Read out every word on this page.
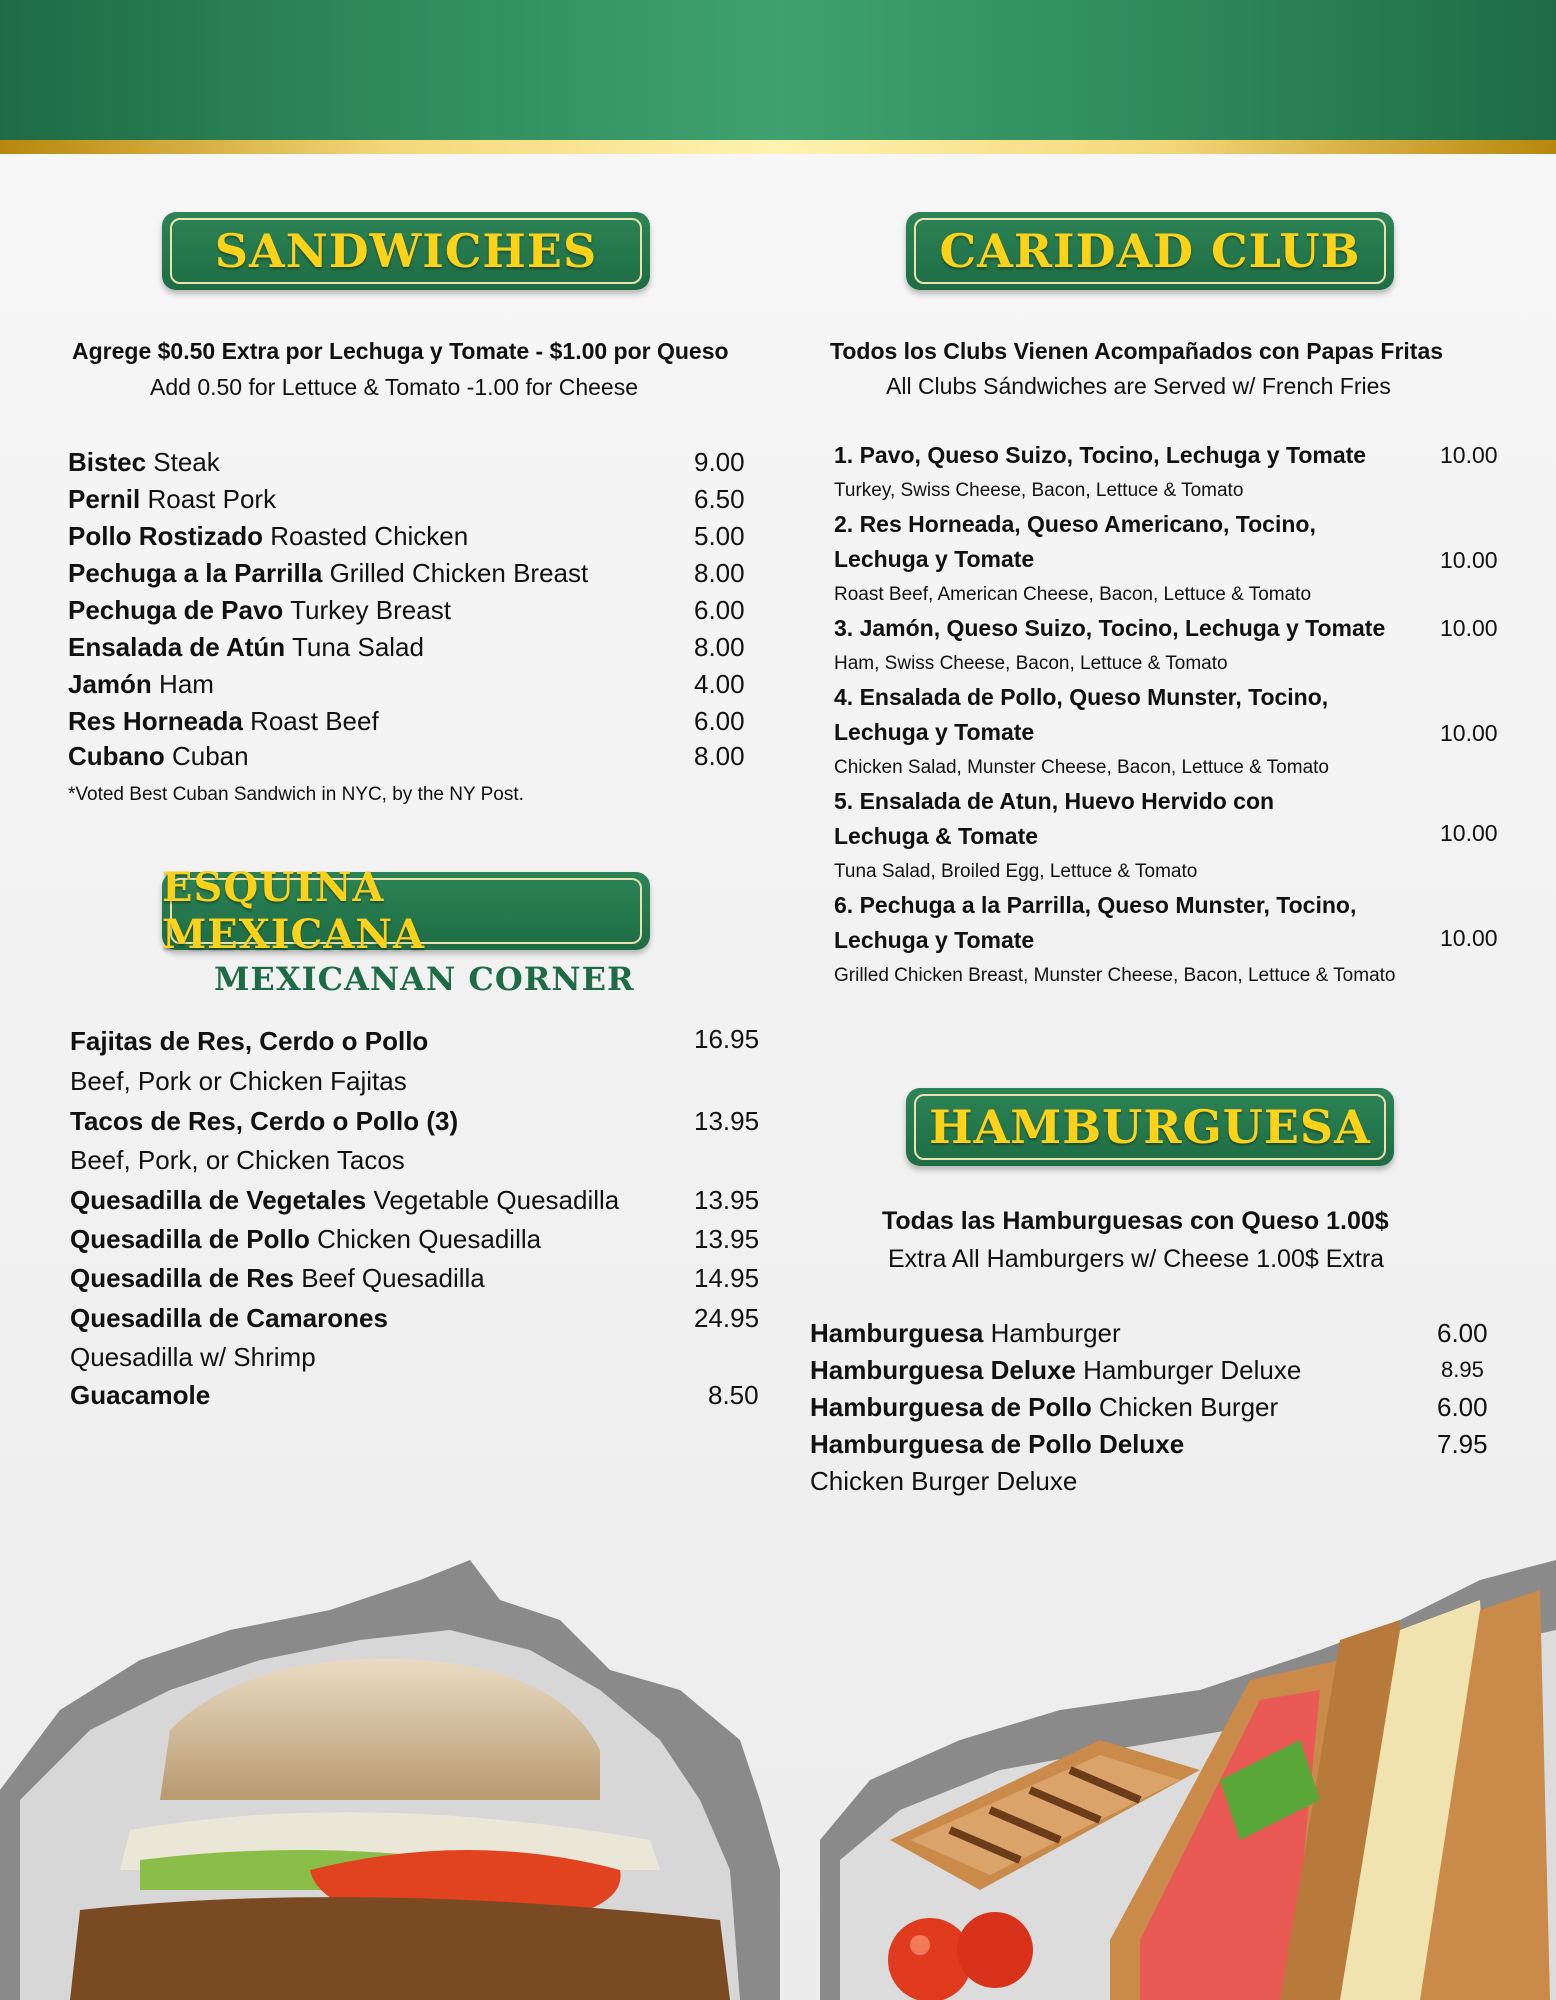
SANDWICHES
Agrege $0.50 Extra por Lechuga y Tomate - $1.00 por Queso
Add 0.50 for Lettuce & Tomato -1.00 for Cheese
Bistec Steak	9.00
Pernil Roast Pork	6.50
Pollo Rostizado Roasted Chicken	5.00
Pechuga a la Parrilla Grilled Chicken Breast	8.00
Pechuga de Pavo Turkey Breast	6.00
Ensalada de Atún Tuna Salad	8.00
Jamón Ham	4.00
Res Horneada Roast Beef	6.00
Cubano Cuban	8.00
*Voted Best Cuban Sandwich in NYC, by the NY Post.
ESQUINA MEXICANA
MEXICANAN CORNER
Fajitas de Res, Cerdo o Pollo	16.95
Beef, Pork or Chicken Fajitas
Tacos de Res, Cerdo o Pollo (3)	13.95
Beef, Pork, or Chicken Tacos
Quesadilla de Vegetales Vegetable Quesadilla	13.95
Quesadilla de Pollo Chicken Quesadilla	13.95
Quesadilla de Res Beef Quesadilla	14.95
Quesadilla de Camarones	24.95
Quesadilla w/ Shrimp
Guacamole	8.50
CARIDAD CLUB
Todos los Clubs Vienen Acompañados con Papas Fritas
All Clubs Sándwiches are Served w/ French Fries
1. Pavo, Queso Suizo, Tocino, Lechuga y Tomate	10.00
Turkey, Swiss Cheese, Bacon, Lettuce & Tomato
2. Res Horneada, Queso Americano, Tocino,
Lechuga y Tomate	10.00
Roast Beef, American Cheese, Bacon, Lettuce & Tomato
3. Jamón, Queso Suizo, Tocino, Lechuga y Tomate 10.00
Ham, Swiss Cheese, Bacon, Lettuce & Tomato
4. Ensalada de Pollo, Queso Munster, Tocino,
Lechuga y Tomate	10.00
Chicken Salad, Munster Cheese, Bacon, Lettuce & Tomato
5. Ensalada de Atun, Huevo Hervido con
Lechuga & Tomate	10.00
Tuna Salad, Broiled Egg, Lettuce & Tomato
6. Pechuga a la Parrilla, Queso Munster, Tocino,
Lechuga y Tomate	10.00
Grilled Chicken Breast, Munster Cheese, Bacon, Lettuce & Tomato
HAMBURGUESA
Todas las Hamburguesas con Queso 1.00$
Extra All Hamburgers w/ Cheese 1.00$ Extra
Hamburguesa Hamburger	6.00
Hamburguesa Deluxe Hamburger Deluxe	8.95
Hamburguesa de Pollo Chicken Burger	6.00
Hamburguesa de Pollo Deluxe	7.95
Chicken Burger Deluxe
